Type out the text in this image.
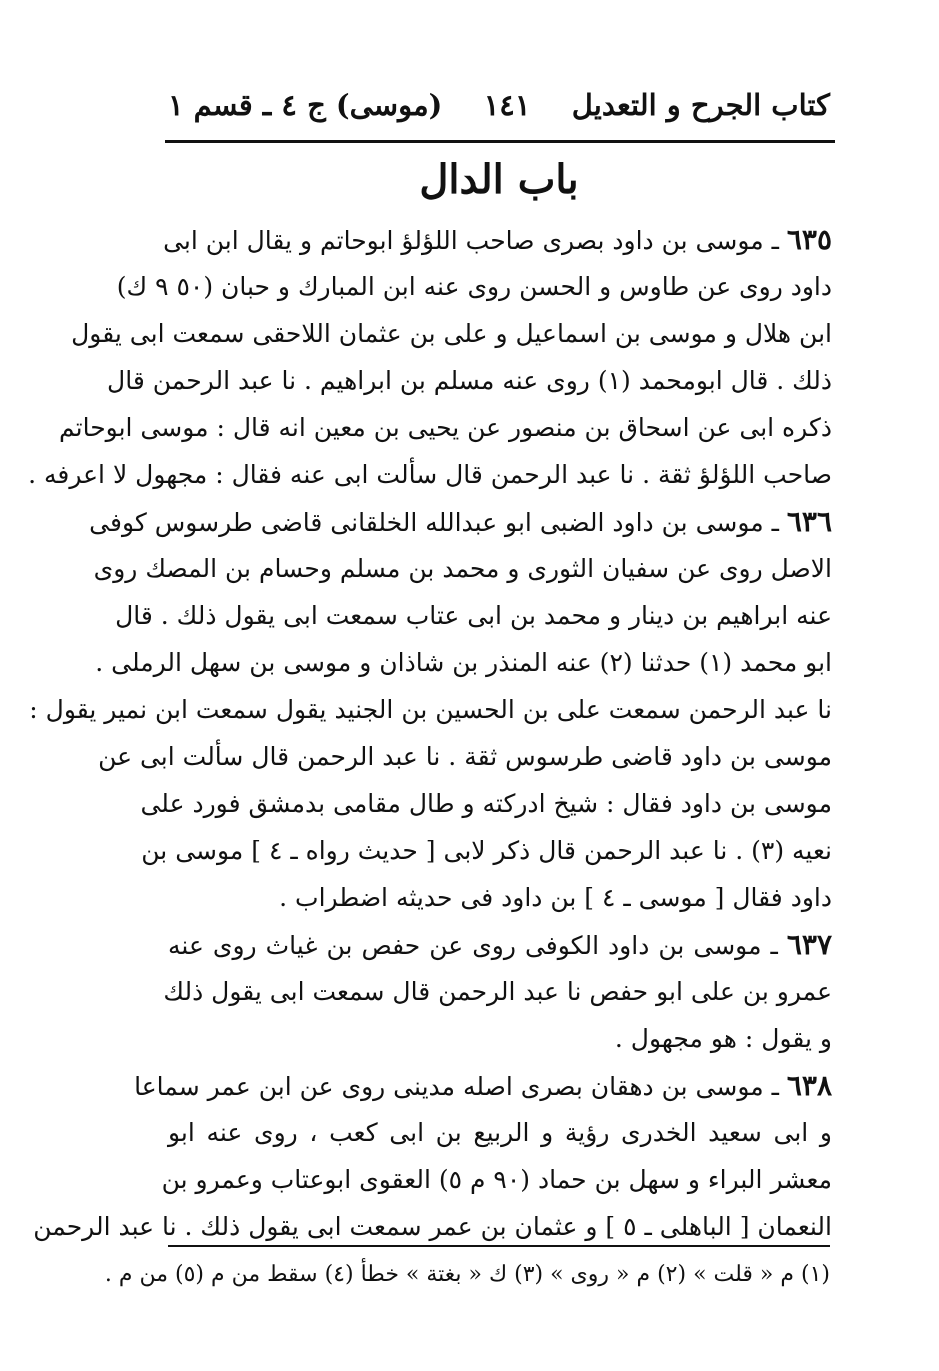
كتاب الجرح و التعديل
١٤١
(موسى) ج ٤ ـ قسم ١
باب الدال
٦٣٥ ـ موسى بن داود بصرى صاحب اللؤلؤ ابوحاتم و يقال ابن ابى
داود روى عن طاوس و الحسن روى عنه ابن المبارك و حبان (٥٠ ٩ ك)
ابن هلال و موسى بن اسماعيل و على بن عثمان اللاحقى سمعت ابى يقول
ذلك . قال ابومحمد (١) روى عنه مسلم بن ابراهيم . نا عبد الرحمن قال
ذكره ابى عن اسحاق بن منصور عن يحيى بن معين انه قال : موسى ابوحاتم
صاحب اللؤلؤ ثقة . نا عبد الرحمن قال سألت ابى عنه فقال : مجهول لا اعرفه .
٦٣٦ ـ موسى بن داود الضبى ابو عبدالله الخلقانى قاضى طرسوس كوفى
الاصل روى عن سفيان الثورى و محمد بن مسلم وحسام بن المصك روى
عنه ابراهيم بن دينار و محمد بن ابى عتاب سمعت ابى يقول ذلك . قال
ابو محمد (١) حدثنا (٢) عنه المنذر بن شاذان و موسى بن سهل الرملى .
نا عبد الرحمن سمعت على بن الحسين بن الجنيد يقول سمعت ابن نمير يقول :
موسى بن داود قاضى طرسوس ثقة . نا عبد الرحمن قال سألت ابى عن
موسى بن داود فقال : شيخ ادركته و طال مقامى بدمشق فورد على
نعيه (٣) . نا عبد الرحمن قال ذكر لابى [ حديث رواه ـ ٤ ] موسى بن
داود فقال [ موسى ـ ٤ ] بن داود فى حديثه اضطراب .
٦٣٧ ـ موسى بن داود الكوفى روى عن حفص بن غياث روى عنه
عمرو بن على ابو حفص نا عبد الرحمن قال سمعت ابى يقول ذلك
و يقول : هو مجهول .
٦٣٨ ـ موسى بن دهقان بصرى اصله مدينى روى عن ابن عمر سماعا
و ابى سعيد الخدرى رؤية و الربيع بن ابى كعب ، روى عنه ابو
معشر البراء و سهل بن حماد (٩٠ م ٥) العقوى ابوعتاب وعمرو بن
النعمان [ الباهلى ـ ٥ ] و عثمان بن عمر سمعت ابى يقول ذلك . نا عبد الرحمن
(١) م « قلت » (٢) م « روى » (٣) ك « بغتة » خطأ (٤) سقط من م (٥) من م .
